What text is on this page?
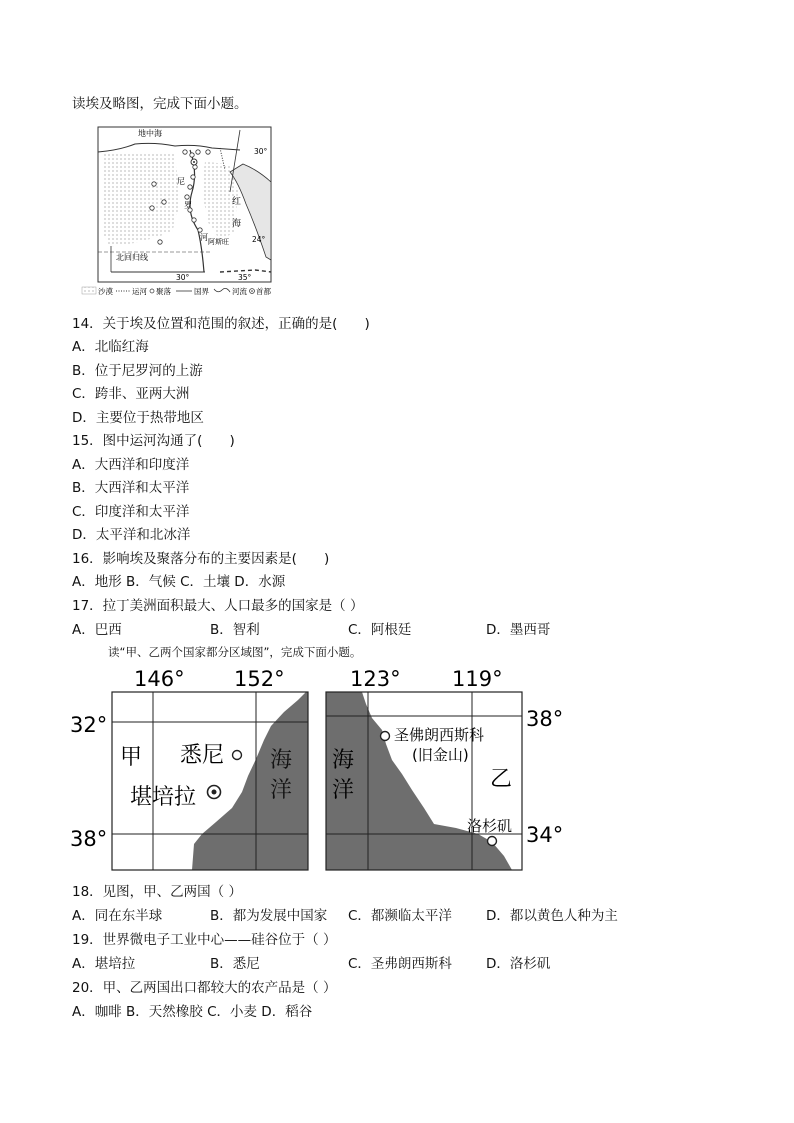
读埃及略图，完成下面小题。
地中海
尼
罗
河
红
海
阿斯旺
北回归线
30°
24°
30°	35°
沙漠	运河 聚落	国界	河流 首都
14．关于埃及位置和范围的叙述，正确的是(　　)
A．北临红海
B．位于尼罗河的上游
C．跨非、亚两大洲
D．主要位于热带地区
15．图中运河沟通了(　　)
A．大西洋和印度洋
B．大西洋和太平洋
C．印度洋和太平洋
D．太平洋和北冰洋
16．影响埃及聚落分布的主要因素是(　　)
A．地形 B．气候 C．土壤 D．水源
17．拉丁美洲面积最大、人口最多的国家是（ ）
A．巴西	B．智利	C．阿根廷	D．墨西哥
读“甲、乙两个国家都分区域图”，完成下面小题。
146° 152°
32°
38°
甲 悉尼
堪培拉
海
洋
123° 119°
38°
34°
圣佛朗西斯科
(旧金山)
乙
洛杉矶
海
洋
18．见图，甲、乙两国（ ）
A．同在东半球	B．都为发展中国家 C．都濒临太平洋	D．都以黄色人种为主
19．世界微电子工业中心——硅谷位于（ ）
A．堪培拉	B．悉尼	C．圣弗朗西斯科	D．洛杉矶
20．甲、乙两国出口都较大的农产品是（ ）
A．咖啡 B．天然橡胶 C．小麦 D．稻谷
